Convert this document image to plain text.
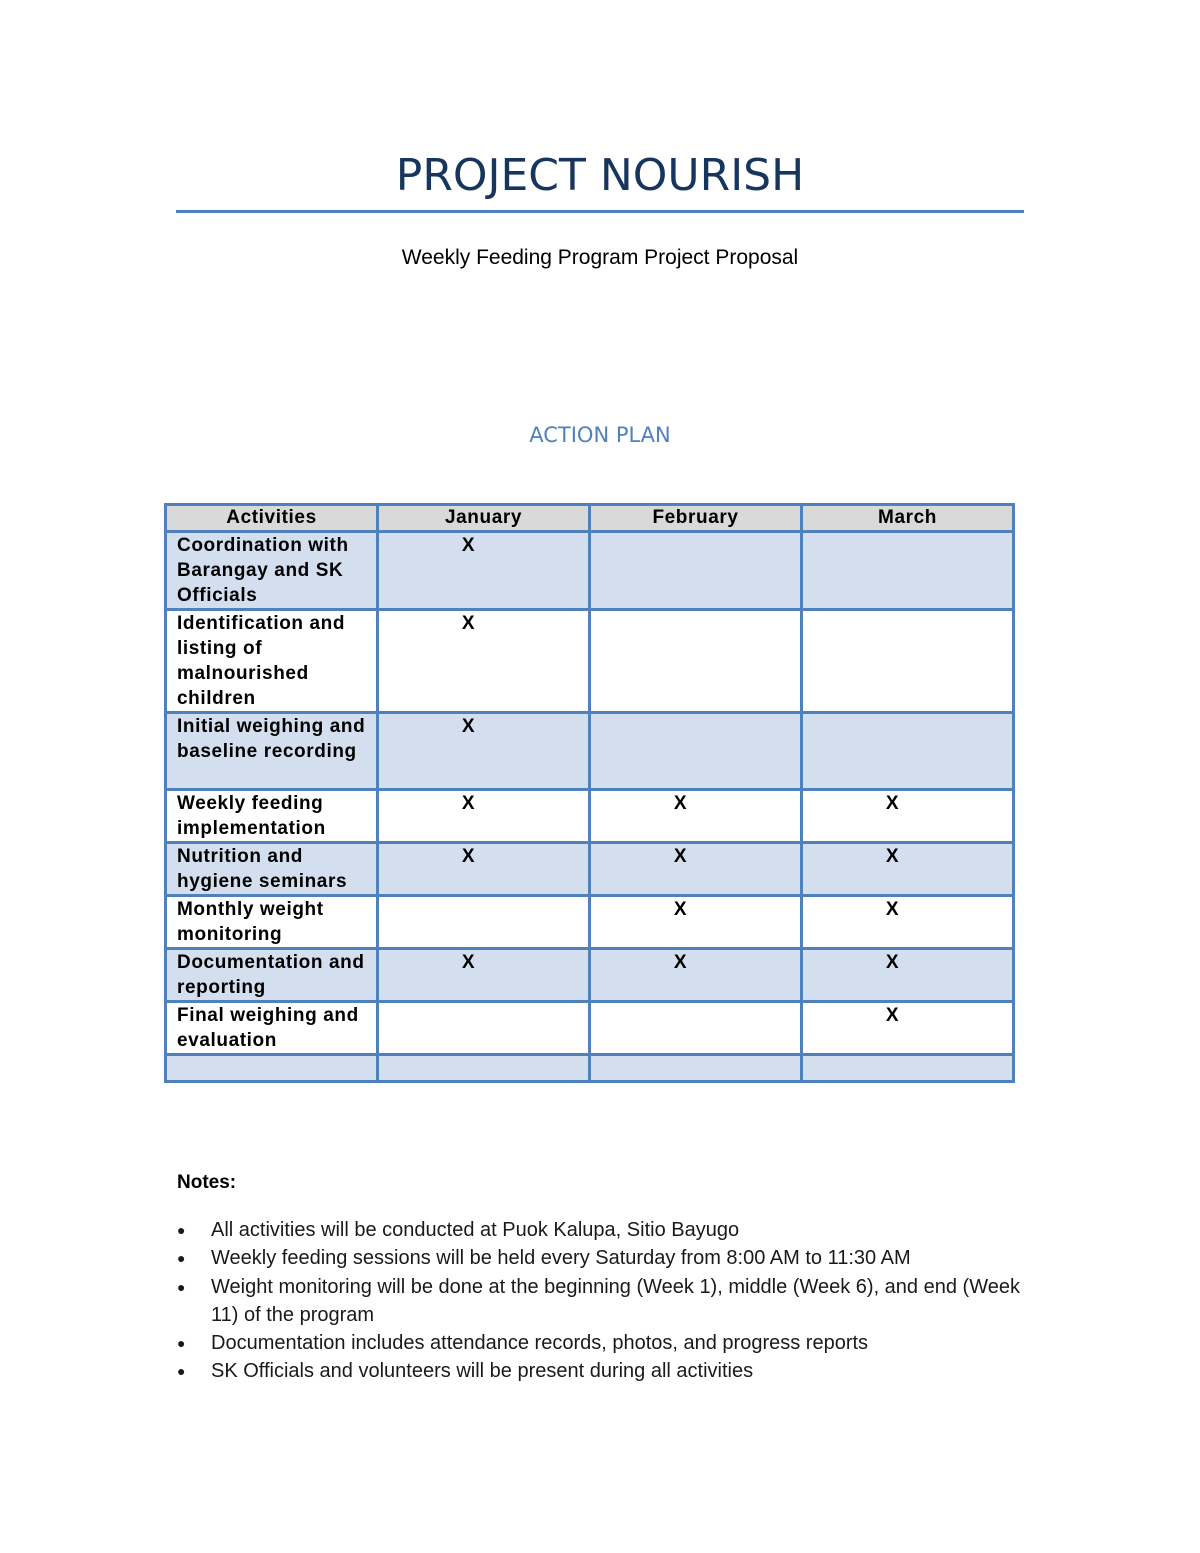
PROJECT NOURISH
Weekly Feeding Program Project Proposal
ACTION PLAN
Activities	January	February	March
Coordination with Barangay and SK Officials	X		
Identification and listing of malnourished children	X		
Initial weighing and baseline recording	X		
Weekly feeding implementation	X	X	X
Nutrition and hygiene seminars	X	X	X
Monthly weight monitoring		X	X
Documentation and reporting	X	X	X
Final weighing and evaluation			X

Notes:
●	All activities will be conducted at Puok Kalupa, Sitio Bayugo
●	Weekly feeding sessions will be held every Saturday from 8:00 AM to 11:30 AM
●	Weight monitoring will be done at the beginning (Week 1), middle (Week 6), and end (Week 11) of the program
●	Documentation includes attendance records, photos, and progress reports
●	SK Officials and volunteers will be present during all activities
